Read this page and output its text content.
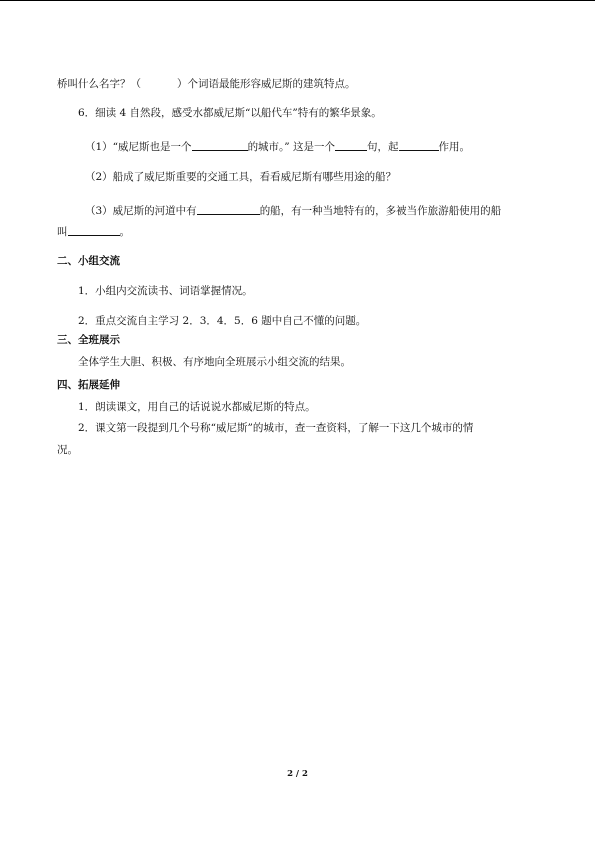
桥叫什么名字？（	）个词语最能形容威尼斯的建筑特点。
6．细读 4 自然段，感受水都威尼斯“以船代车”特有的繁华景象。
（1）“威尼斯也是一个	的城市。” 这是一个	句，起	作用。
（2）船成了威尼斯重要的交通工具，看看威尼斯有哪些用途的船？
（3）威尼斯的河道中有	的船，有一种当地特有的，多被当作旅游船使用的船
叫	。
二、小组交流
1．小组内交流读书、词语掌握情况。
2．重点交流自主学习 2．3．4．5．6 题中自己不懂的问题。
三、全班展示
全体学生大胆、积极、有序地向全班展示小组交流的结果。
四、拓展延伸
1．朗读课文，用自己的话说说水都威尼斯的特点。
2．课文第一段提到几个号称“威尼斯”的城市，查一查资料，了解一下这几个城市的情
况。
2 / 2
